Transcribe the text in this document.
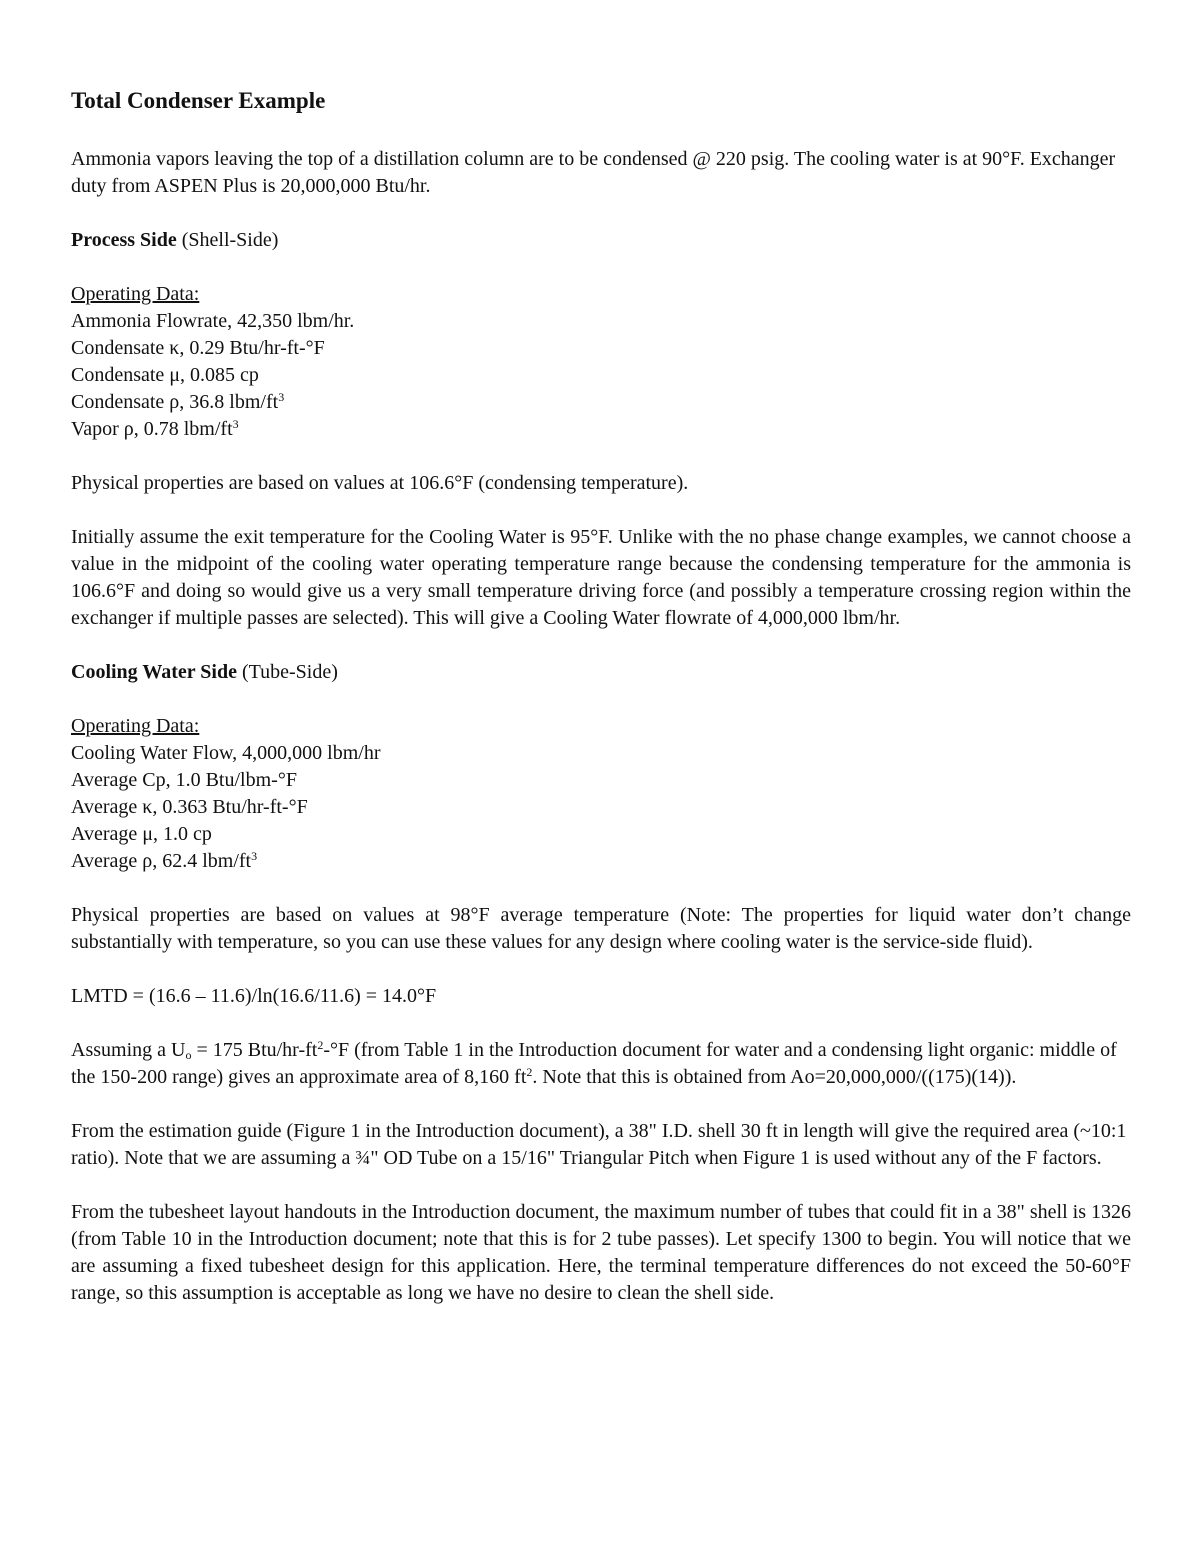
Total Condenser Example

Ammonia vapors leaving the top of a distillation column are to be condensed @ 220 psig. The cooling water is at 90°F. Exchanger duty from ASPEN Plus is 20,000,000 Btu/hr.

Process Side (Shell-Side)

Operating Data:
Ammonia Flowrate, 42,350 lbm/hr.
Condensate κ, 0.29 Btu/hr-ft-°F
Condensate μ, 0.085 cp
Condensate ρ, 36.8 lbm/$ft^3$
Vapor ρ, 0.78 lbm/$ft^3$

Physical properties are based on values at 106.6°F (condensing temperature).

Initially assume the exit temperature for the Cooling Water is 95°F. Unlike with the no phase change examples, we cannot choose a value in the midpoint of the cooling water operating temperature range because the condensing temperature for the ammonia is 106.6°F and doing so would give us a very small temperature driving force (and possibly a temperature crossing region within the exchanger if multiple passes are selected). This will give a Cooling Water flowrate of 4,000,000 lbm/hr.

Cooling Water Side (Tube-Side)

Operating Data:
Cooling Water Flow, 4,000,000 lbm/hr
Average Cp, 1.0 Btu/lbm-°F
Average κ, 0.363 Btu/hr-ft-°F
Average μ, 1.0 cp
Average ρ, 62.4 lbm/$ft^3$

Physical properties are based on values at 98°F average temperature (Note: The properties for liquid water don’t change substantially with temperature, so you can use these values for any design where cooling water is the service-side fluid).

LMTD = (16.6 – 11.6)/ln(16.6/11.6) = 14.0°F

Assuming a $U_o = 175$ Btu/$hr-ft^2-^\circ F$ (from Table 1 in the Introduction document for water and a condensing light organic: middle of the 150-200 range) gives an approximate area of 8,160 $ft^2$. Note that this is obtained from Ao=20,000,000/((175)(14)).

From the estimation guide (Figure 1 in the Introduction document), a 38" I.D. shell 30 ft in length will give the required area (~10:1 ratio). Note that we are assuming a ¾" OD Tube on a 15/16" Triangular Pitch when Figure 1 is used without any of the F factors.

From the tubesheet layout handouts in the Introduction document, the maximum number of tubes that could fit in a 38" shell is 1326 (from Table 10 in the Introduction document; note that this is for 2 tube passes). Let specify 1300 to begin. You will notice that we are assuming a fixed tubesheet design for this application. Here, the terminal temperature differences do not exceed the 50-60°F range, so this assumption is acceptable as long we have no desire to clean the shell side.
